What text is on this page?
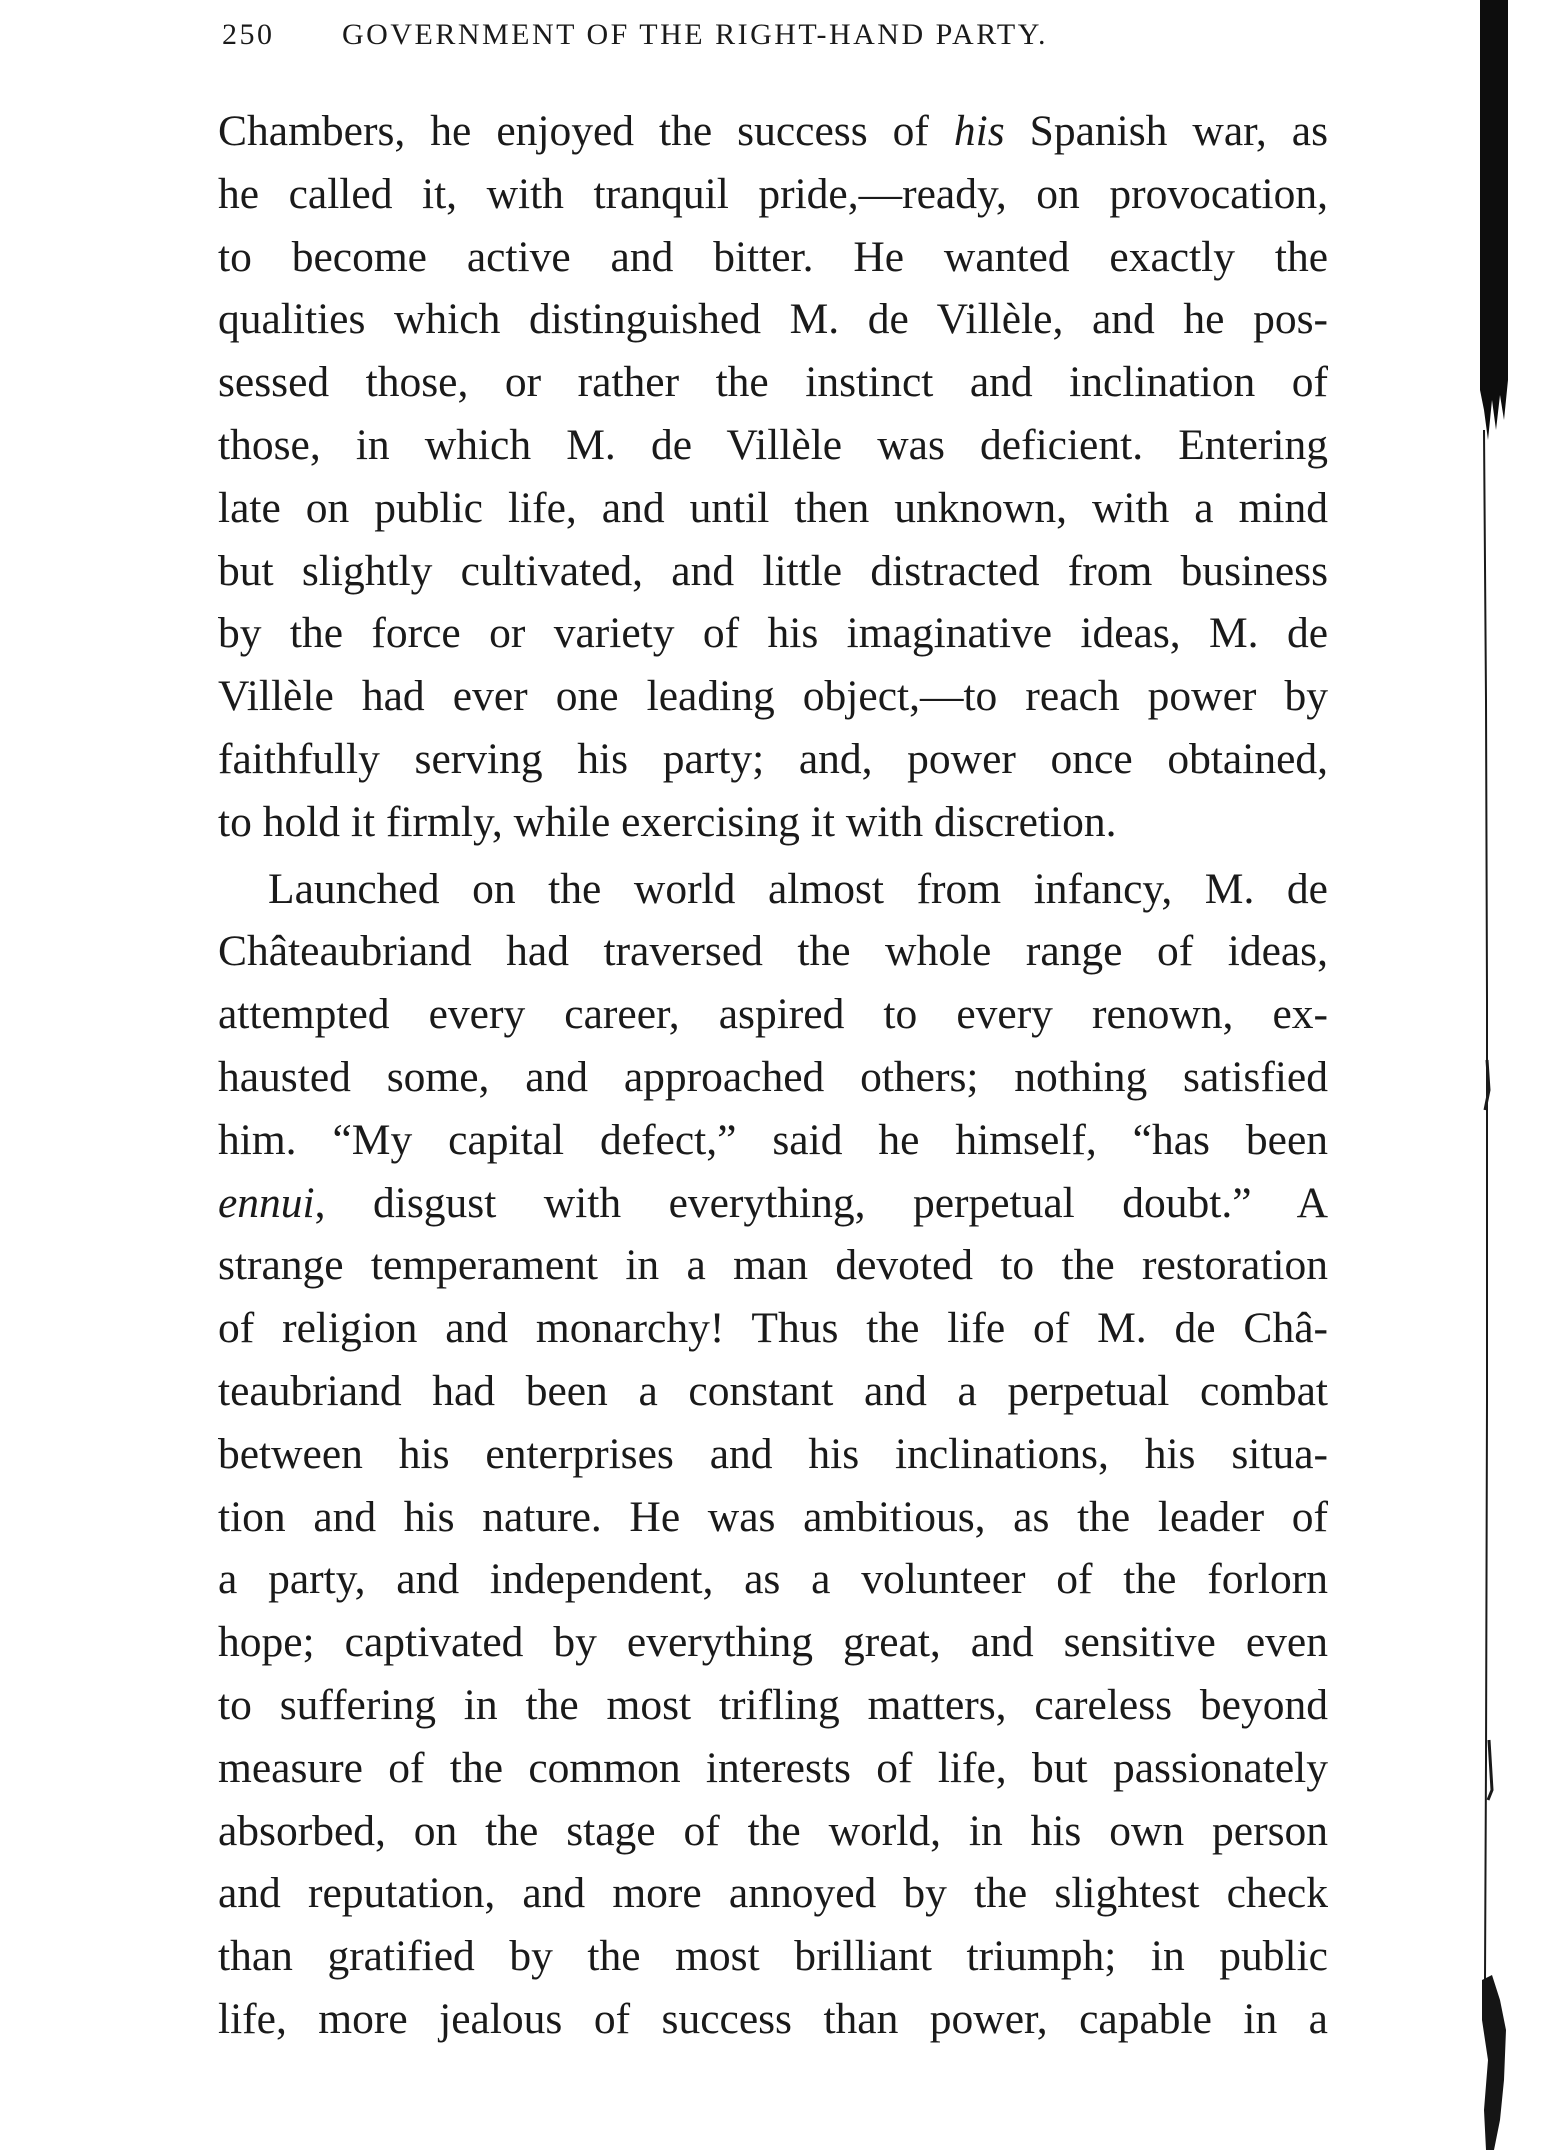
250 GOVERNMENT OF THE RIGHT-HAND PARTY.
Chambers, he enjoyed the success of his Spanish war, as
he called it, with tranquil pride,—ready, on provocation,
to become active and bitter. He wanted exactly the
qualities which distinguished M. de Villèle, and he pos-
sessed those, or rather the instinct and inclination of
those, in which M. de Villèle was deficient. Entering
late on public life, and until then unknown, with a mind
but slightly cultivated, and little distracted from business
by the force or variety of his imaginative ideas, M. de
Villèle had ever one leading object,—to reach power by
faithfully serving his party; and, power once obtained,
to hold it firmly, while exercising it with discretion.
Launched on the world almost from infancy, M. de
Châteaubriand had traversed the whole range of ideas,
attempted every career, aspired to every renown, ex-
hausted some, and approached others; nothing satisfied
him. “My capital defect,” said he himself, “has been
ennui, disgust with everything, perpetual doubt.” A
strange temperament in a man devoted to the restoration
of religion and monarchy! Thus the life of M. de Châ-
teaubriand had been a constant and a perpetual combat
between his enterprises and his inclinations, his situa-
tion and his nature. He was ambitious, as the leader of
a party, and independent, as a volunteer of the forlorn
hope; captivated by everything great, and sensitive even
to suffering in the most trifling matters, careless beyond
measure of the common interests of life, but passionately
absorbed, on the stage of the world, in his own person
and reputation, and more annoyed by the slightest check
than gratified by the most brilliant triumph; in public
life, more jealous of success than power, capable in a
